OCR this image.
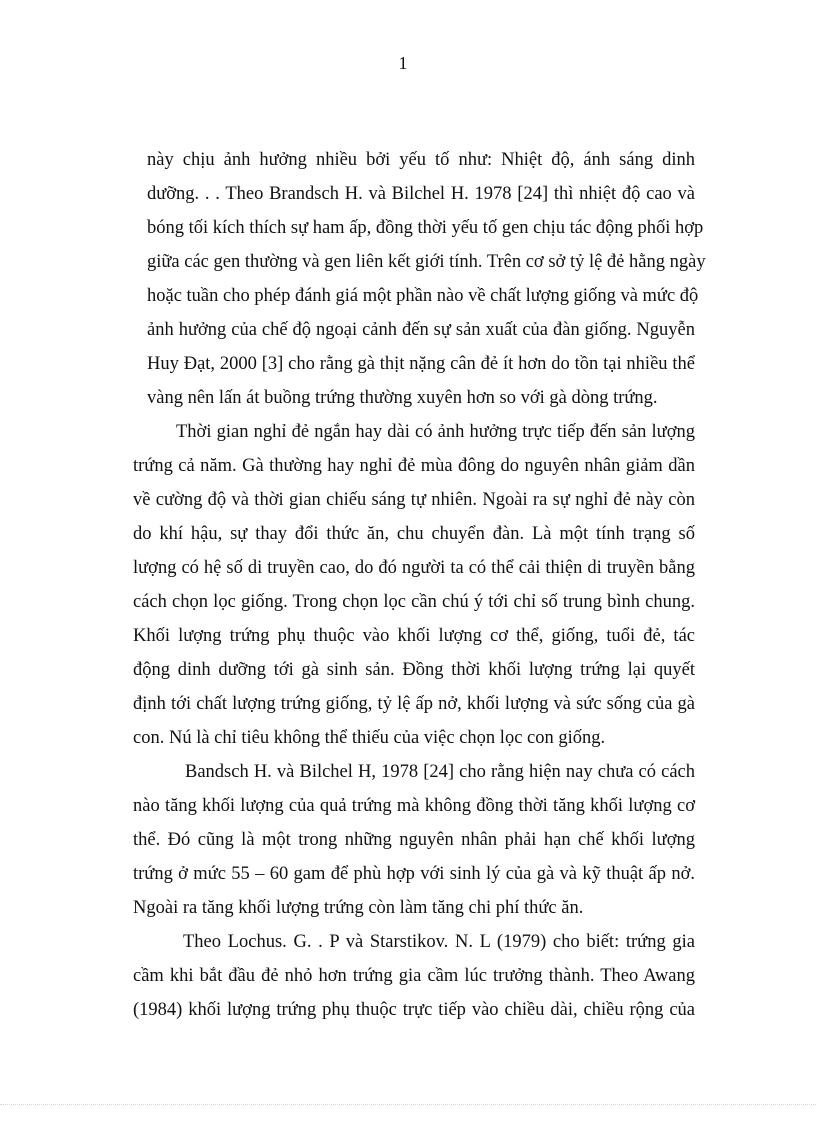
1
này chịu ảnh hưởng nhiều bởi yếu tố như: Nhiệt độ, ánh sáng dinh
dưỡng. . . Theo Brandsch H. và Bilchel H. 1978 [24] thì nhiệt độ cao và
bóng tối kích thích sự ham ấp, đồng thời yếu tố gen chịu tác động phối hợp
giữa các gen thường và gen liên kết giới tính. Trên cơ sở tỷ lệ đẻ hằng ngày
hoặc tuần cho phép đánh giá một phần nào về chất lượng giống và mức độ
ảnh hưởng của chế độ ngoại cảnh đến sự sản xuất của đàn giống. Nguyễn
Huy Đạt, 2000 [3] cho rằng gà thịt nặng cân đẻ ít hơn do tồn tại nhiều thể
vàng nên lấn át buồng trứng thường xuyên hơn so với gà dòng trứng.
Thời gian nghỉ đẻ ngắn hay dài có ảnh hưởng trực tiếp đến sản lượng
trứng cả năm. Gà thường hay nghỉ đẻ mùa đông do nguyên nhân giảm dần
về cường độ và thời gian chiếu sáng tự nhiên. Ngoài ra sự nghỉ đẻ này còn
do khí hậu, sự thay đổi thức ăn, chu chuyển đàn. Là một tính trạng số
lượng có hệ số di truyền cao, do đó người ta có thể cải thiện di truyền bằng
cách chọn lọc giống. Trong chọn lọc cần chú ý tới chỉ số trung bình chung.
Khối lượng trứng phụ thuộc vào khối lượng cơ thể, giống, tuổi đẻ, tác
động dinh dưỡng tới gà sinh sản. Đồng thời khối lượng trứng lại quyết
định tới chất lượng trứng giống, tỷ lệ ấp nở, khối lượng và sức sống của gà
con. Nú là chỉ tiêu không thể thiếu của việc chọn lọc con giống.
Bandsch H. và Bilchel H, 1978 [24] cho rằng hiện nay chưa có cách
nào tăng khối lượng của quả trứng mà không đồng thời tăng khối lượng cơ
thể. Đó cũng là một trong những nguyên nhân phải hạn chế khối lượng
trứng ở mức 55 – 60 gam để phù hợp với sinh lý của gà và kỹ thuật ấp nở.
Ngoài ra tăng khối lượng trứng còn làm tăng chi phí thức ăn.
Theo Lochus. G. . P và Starstikov. N. L (1979) cho biết: trứng gia
cầm khi bắt đầu đẻ nhỏ hơn trứng gia cầm lúc trưởng thành. Theo Awang
(1984) khối lượng trứng phụ thuộc trực tiếp vào chiều dài, chiều rộng của
